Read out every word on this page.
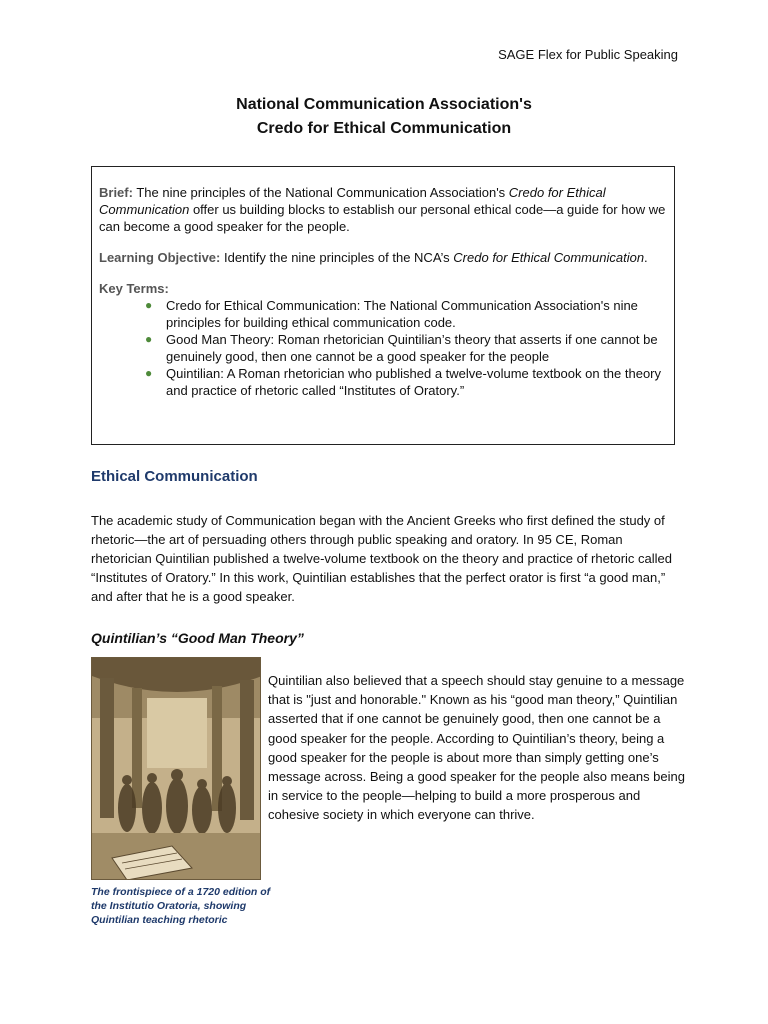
SAGE Flex for Public Speaking
National Communication Association's
Credo for Ethical Communication

Brief: The nine principles of the National Communication Association's Credo for Ethical Communication offer us building blocks to establish our personal ethical code—a guide for how we can become a good speaker for the people.

Learning Objective: Identify the nine principles of the NCA’s Credo for Ethical Communication.

Key Terms:
● Credo for Ethical Communication: The National Communication Association's nine principles for building ethical communication code.
● Good Man Theory: Roman rhetorician Quintilian’s theory that asserts if one cannot be genuinely good, then one cannot be a good speaker for the people
● Quintilian: A Roman rhetorician who published a twelve-volume textbook on the theory and practice of rhetoric called “Institutes of Oratory.”
Ethical Communication

The academic study of Communication began with the Ancient Greeks who first defined the study of rhetoric—the art of persuading others through public speaking and oratory. In 95 CE, Roman rhetorician Quintilian published a twelve-volume textbook on the theory and practice of rhetoric called “Institutes of Oratory.” In this work, Quintilian establishes that the perfect orator is first “a good man,” and after that he is a good speaker.

Quintilian’s “Good Man Theory”

The frontispiece of a 1720 edition of the Institutio Oratoria, showing Quintilian teaching rhetoric

Quintilian also believed that a speech should stay genuine to a message that is "just and honorable." Known as his “good man theory,” Quintilian asserted that if one cannot be genuinely good, then one cannot be a good speaker for the people. According to Quintilian’s theory, being a good speaker for the people is about more than simply getting one’s message across. Being a good speaker for the people also means being in service to the people—helping to build a more prosperous and cohesive society in which everyone can thrive.
